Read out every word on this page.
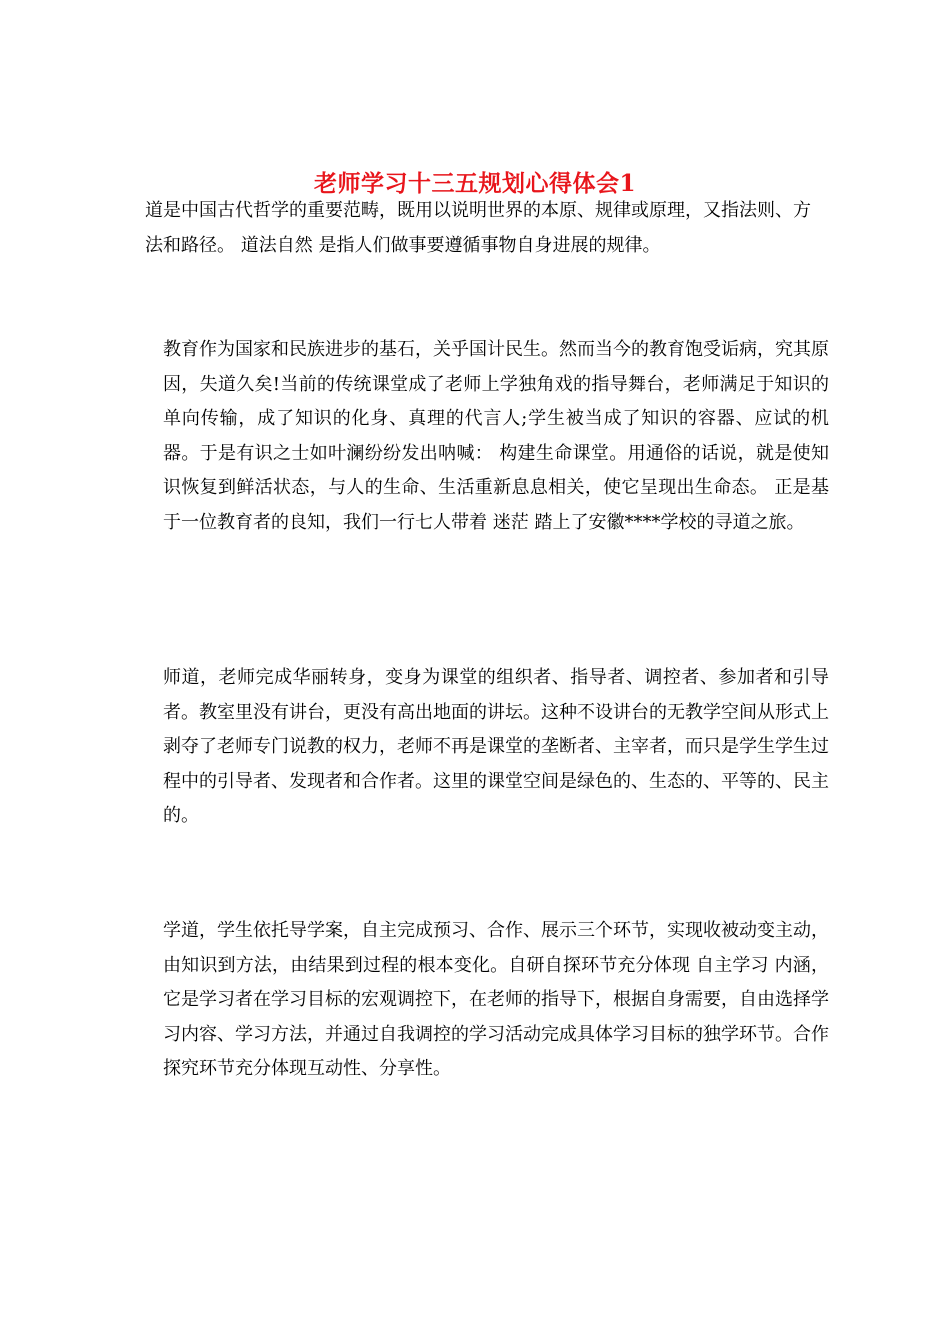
老师学习十三五规划心得体会1

道是中国古代哲学的重要范畴，既用以说明世界的本原、规律或原理，又指法则、方法和路径。 道法自然 是指人们做事要遵循事物自身进展的规律。

教育作为国家和民族进步的基石，关乎国计民生。然而当今的教育饱受诟病，究其原因，失道久矣!当前的传统课堂成了老师上学独角戏的指导舞台，老师满足于知识的单向传输，成了知识的化身、真理的代言人;学生被当成了知识的容器、应试的机器。于是有识之士如叶澜纷纷发出呐喊： 构建生命课堂。用通俗的话说，就是使知识恢复到鲜活状态，与人的生命、生活重新息息相关，使它呈现出生命态。 正是基于一位教育者的良知，我们一行七人带着 迷茫 踏上了安徽****学校的寻道之旅。

师道，老师完成华丽转身，变身为课堂的组织者、指导者、调控者、参加者和引导者。教室里没有讲台，更没有高出地面的讲坛。这种不设讲台的无教学空间从形式上剥夺了老师专门说教的权力，老师不再是课堂的垄断者、主宰者，而只是学生学生过程中的引导者、发现者和合作者。这里的课堂空间是绿色的、生态的、平等的、民主的。

学道，学生依托导学案，自主完成预习、合作、展示三个环节，实现收被动变主动，由知识到方法，由结果到过程的根本变化。自研自探环节充分体现 自主学习 内涵，它是学习者在学习目标的宏观调控下，在老师的指导下，根据自身需要，自由选择学习内容、学习方法，并通过自我调控的学习活动完成具体学习目标的独学环节。合作探究环节充分体现互动性、分享性。
